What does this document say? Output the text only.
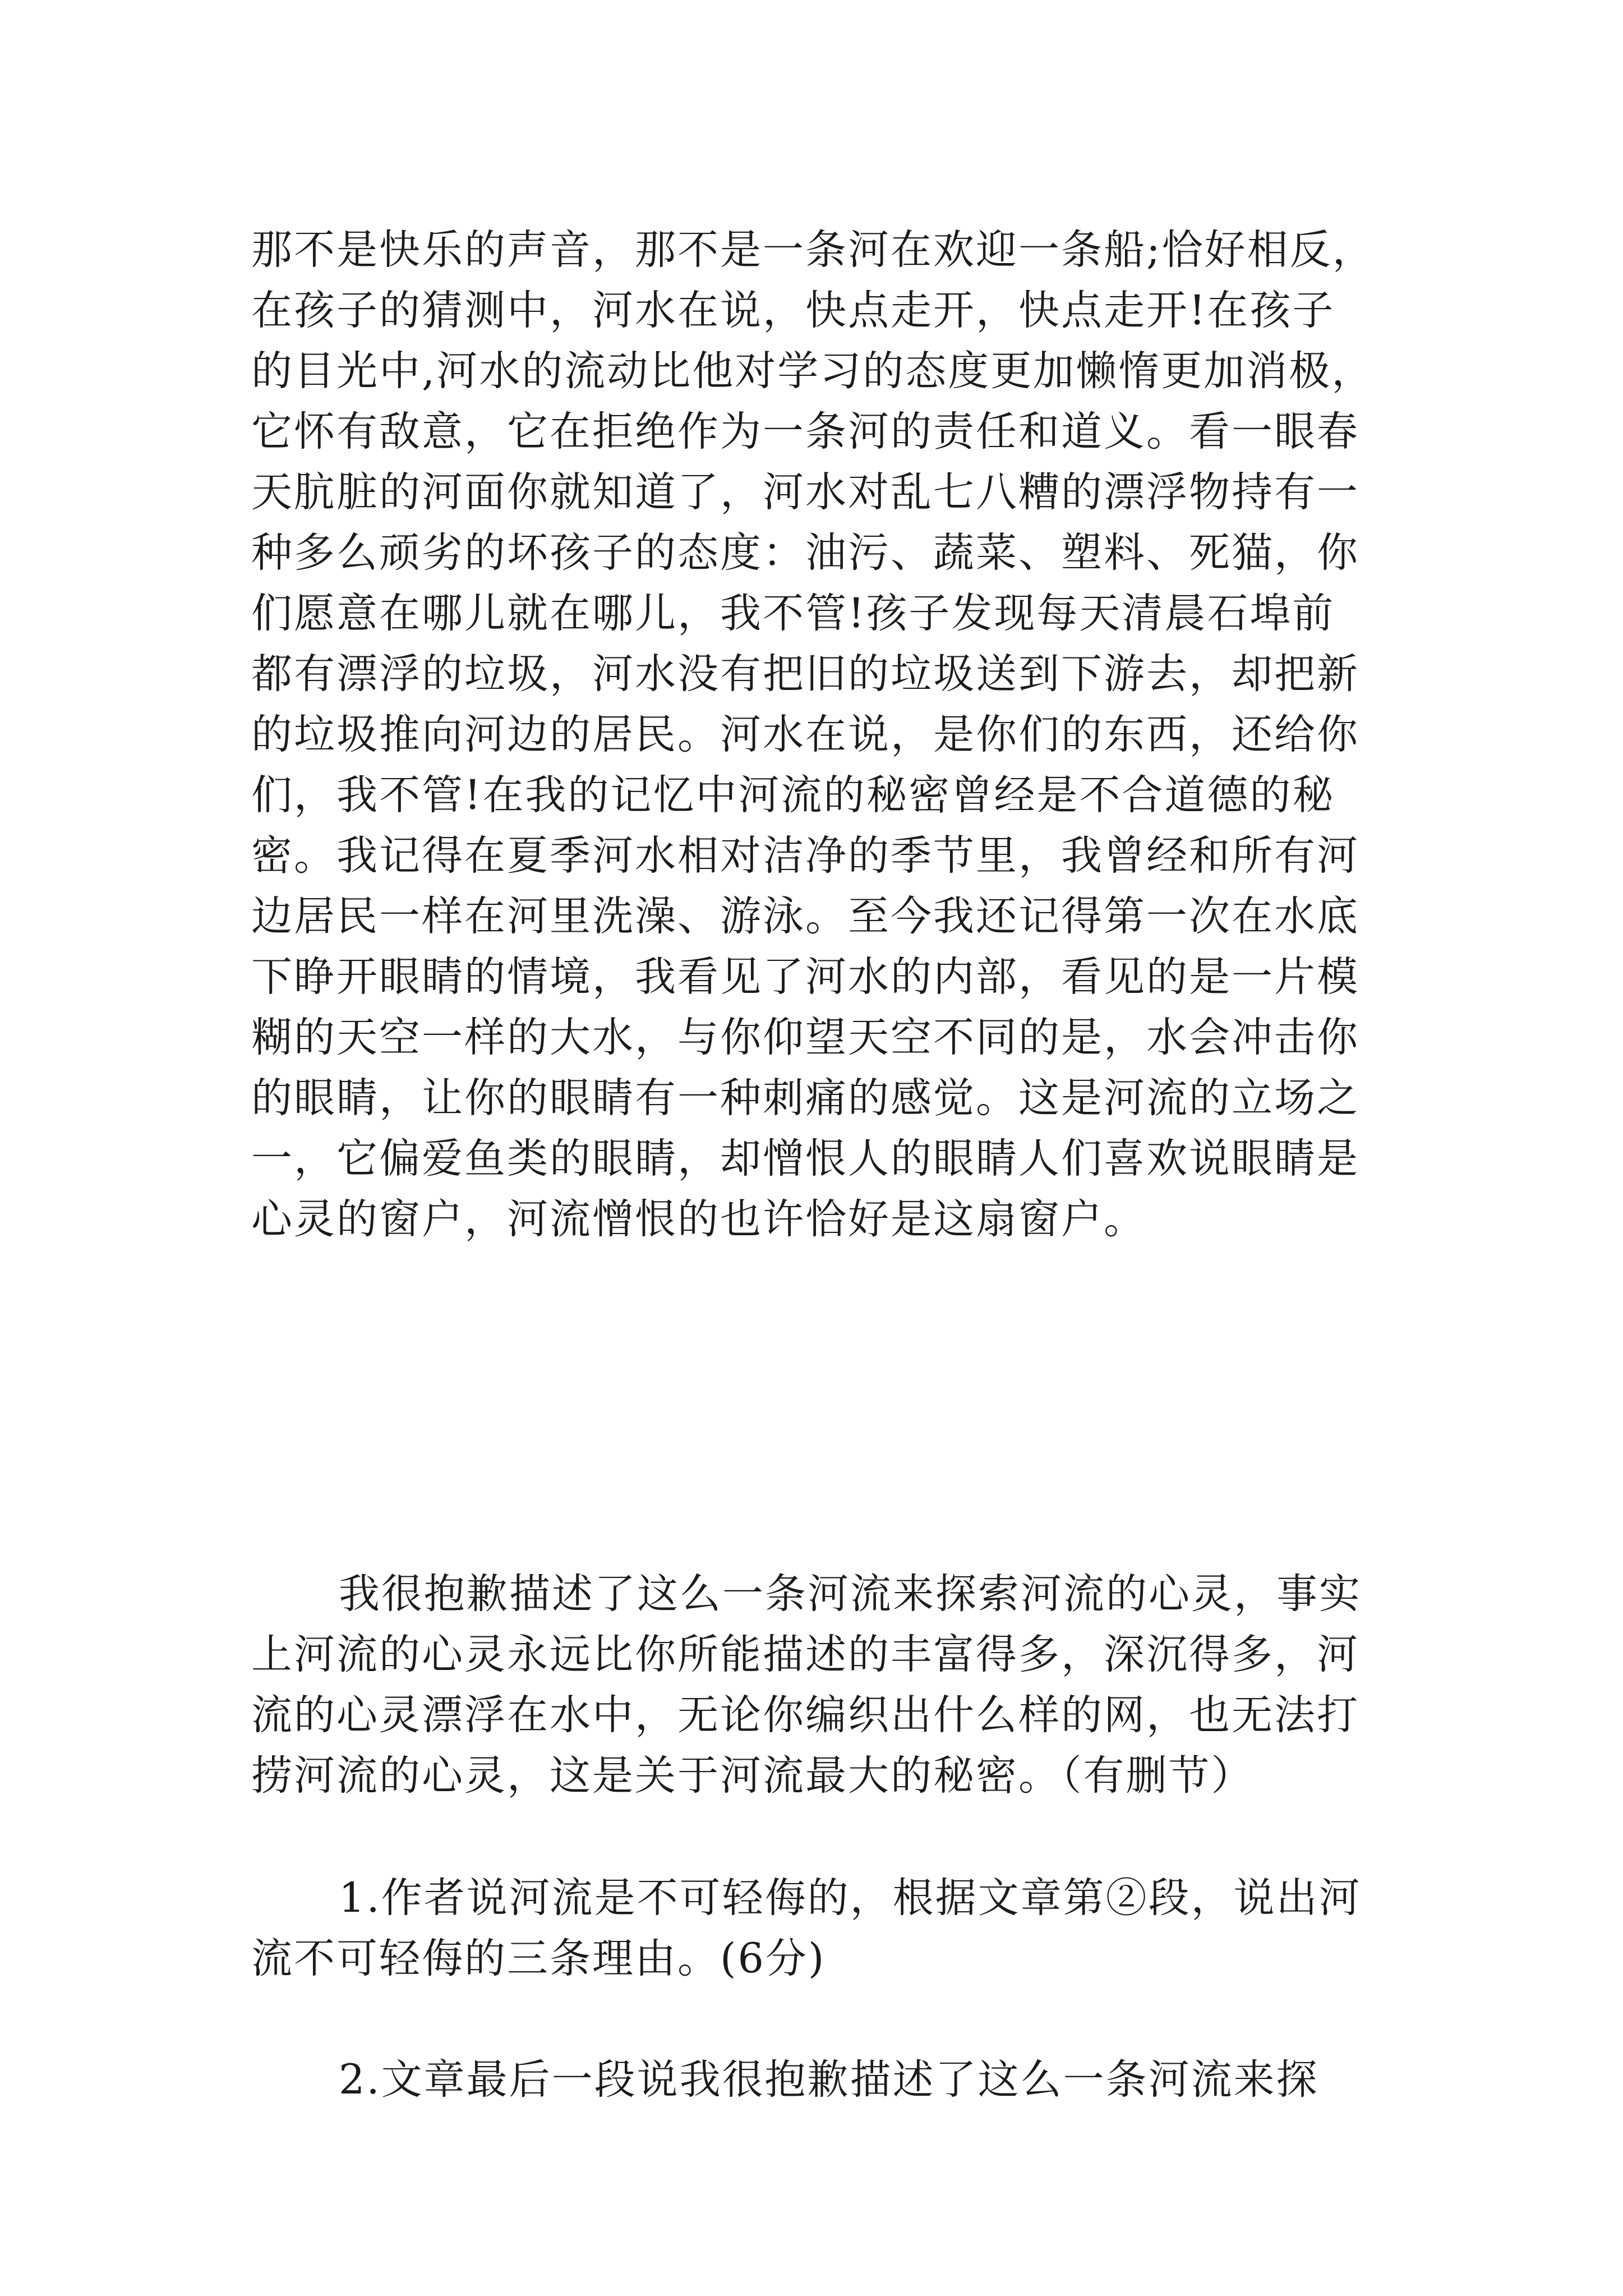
那不是快乐的声音，那不是一条河在欢迎一条船;恰好相反，
在孩子的猜测中，河水在说，快点走开，快点走开!在孩子
的目光中,河水的流动比他对学习的态度更加懒惰更加消极，
它怀有敌意，它在拒绝作为一条河的责任和道义。看一眼春
天肮脏的河面你就知道了，河水对乱七八糟的漂浮物持有一
种多么顽劣的坏孩子的态度：油污、蔬菜、塑料、死猫，你
们愿意在哪儿就在哪儿，我不管!孩子发现每天清晨石埠前
都有漂浮的垃圾，河水没有把旧的垃圾送到下游去，却把新
的垃圾推向河边的居民。河水在说，是你们的东西，还给你
们，我不管!在我的记忆中河流的秘密曾经是不合道德的秘
密。我记得在夏季河水相对洁净的季节里，我曾经和所有河
边居民一样在河里洗澡、游泳。至今我还记得第一次在水底
下睁开眼睛的情境，我看见了河水的内部，看见的是一片模
糊的天空一样的大水，与你仰望天空不同的是，水会冲击你
的眼睛，让你的眼睛有一种刺痛的感觉。这是河流的立场之
一，它偏爱鱼类的眼睛，却憎恨人的眼睛人们喜欢说眼睛是
心灵的窗户，河流憎恨的也许恰好是这扇窗户。

我很抱歉描述了这么一条河流来探索河流的心灵，事实
上河流的心灵永远比你所能描述的丰富得多，深沉得多，河
流的心灵漂浮在水中，无论你编织出什么样的网，也无法打
捞河流的心灵，这是关于河流最大的秘密。（有删节）

1.作者说河流是不可轻侮的，根据文章第②段，说出河
流不可轻侮的三条理由。(6分)

2.文章最后一段说我很抱歉描述了这么一条河流来探
